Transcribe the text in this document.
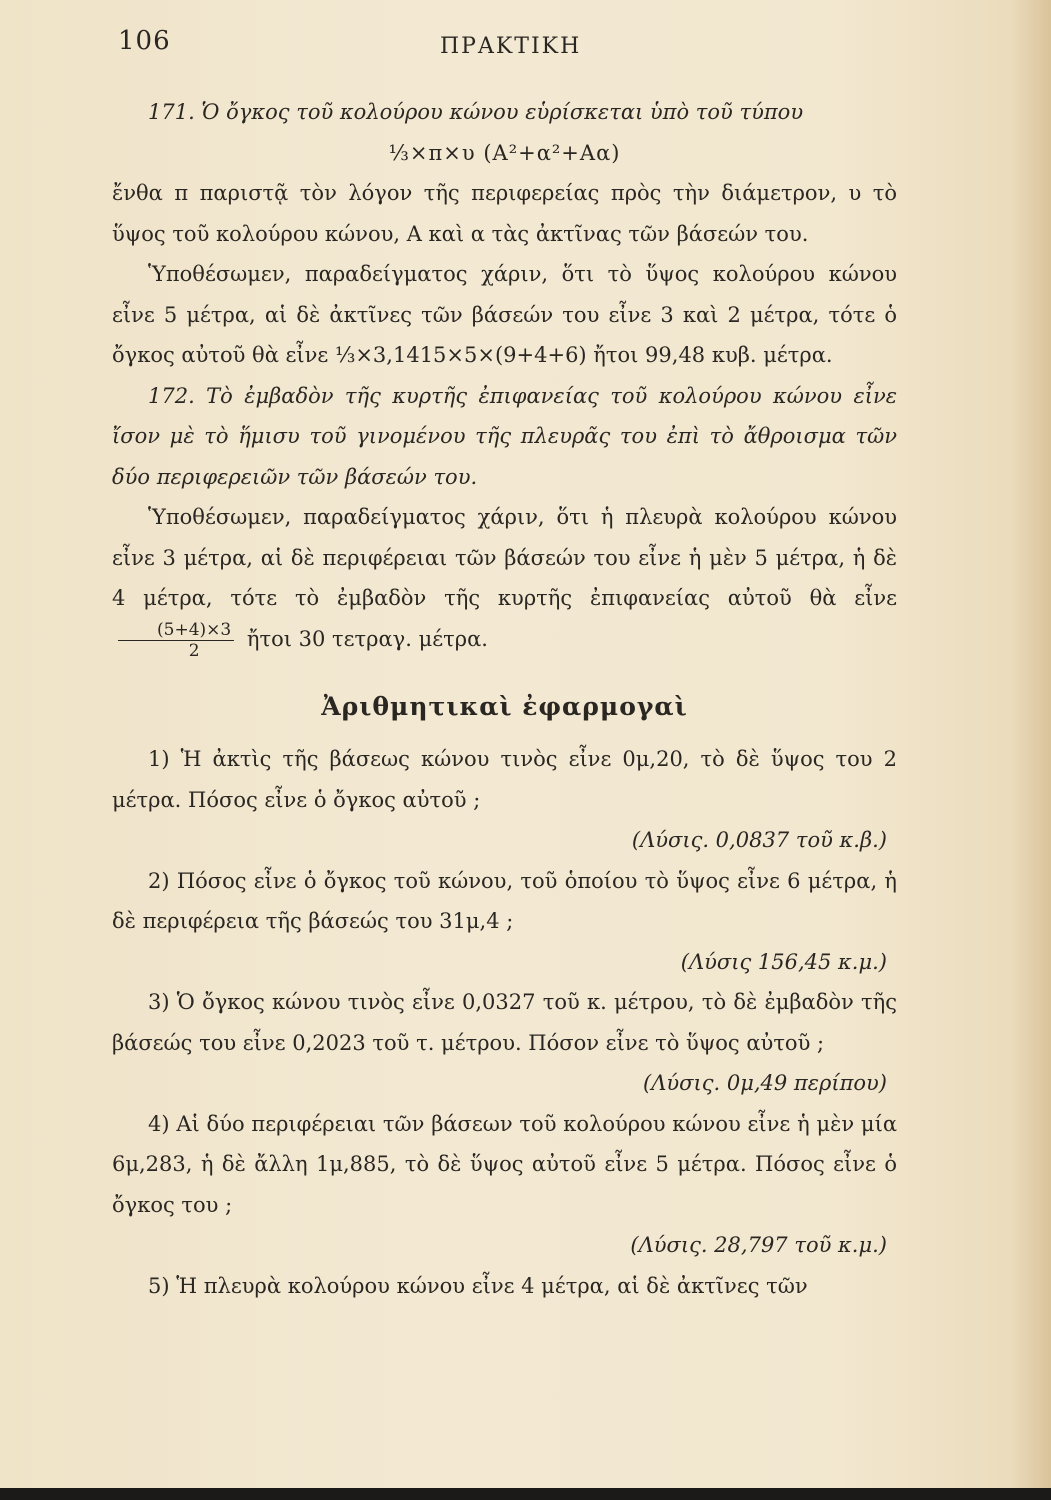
106	ΠΡΑΚΤΙΚΗ

171. Ὁ ὄγκος τοῦ κολούρου κώνου εὑρίσκεται ὑπὸ τοῦ τύπου

⅓×π×υ (Α²+α²+Αα)

ἔνθα π παριστᾷ τὸν λόγον τῆς περιφερείας πρὸς τὴν διάμετρον, υ τὸ ὕψος τοῦ κολούρου κώνου, Α καὶ α τὰς ἀκτῖνας τῶν βάσεών του.

Ὑποθέσωμεν, παραδείγματος χάριν, ὅτι τὸ ὕψος κολούρου κώνου εἶνε 5 μέτρα, αἱ δὲ ἀκτῖνες τῶν βάσεών του εἶνε 3 καὶ 2 μέτρα, τότε ὁ ὄγκος αὐτοῦ θὰ εἶνε ⅓×3,1415×5×(9+4+6) ἤτοι 99,48 κυβ. μέτρα.

172. Τὸ ἐμβαδὸν τῆς κυρτῆς ἐπιφανείας τοῦ κολούρου κώνου εἶνε ἴσον μὲ τὸ ἥμισυ τοῦ γινομένου τῆς πλευρᾶς του ἐπὶ τὸ ἄθροισμα τῶν δύο περιφερειῶν τῶν βάσεών του.

Ὑποθέσωμεν, παραδείγματος χάριν, ὅτι ἡ πλευρὰ κολούρου κώνου εἶνε 3 μέτρα, αἱ δὲ περιφέρειαι τῶν βάσεών του εἶνε ἡ μὲν 5 μέτρα, ἡ δὲ 4 μέτρα, τότε τὸ ἐμβαδὸν τῆς κυρτῆς ἐπιφανείας αὐτοῦ θὰ εἶνε
$\frac{(5+4)\times 3}{2}$ ἤτοι 30 τετραγ. μέτρα.

Ἀριθμητικαὶ ἐφαρμογαὶ

1) Ἡ ἀκτὶς τῆς βάσεως κώνου τινὸς εἶνε 0μ,20, τὸ δὲ ὕψος του 2 μέτρα. Πόσος εἶνε ὁ ὄγκος αὐτοῦ ;

(Λύσις. 0,0837 τοῦ κ.β.)

2) Πόσος εἶνε ὁ ὄγκος τοῦ κώνου, τοῦ ὁποίου τὸ ὕψος εἶνε 6 μέτρα, ἡ δὲ περιφέρεια τῆς βάσεώς του 31μ,4 ;

(Λύσις 156,45 κ.μ.)

3) Ὁ ὄγκος κώνου τινὸς εἶνε 0,0327 τοῦ κ. μέτρου, τὸ δὲ ἐμβαδὸν τῆς βάσεώς του εἶνε 0,2023 τοῦ τ. μέτρου. Πόσον εἶνε τὸ ὕψος αὐτοῦ ;

(Λύσις. 0μ,49 περίπου)

4) Αἱ δύο περιφέρειαι τῶν βάσεων τοῦ κολούρου κώνου εἶνε ἡ μὲν μία 6μ,283, ἡ δὲ ἄλλη 1μ,885, τὸ δὲ ὕψος αὐτοῦ εἶνε 5 μέτρα. Πόσος εἶνε ὁ ὄγκος του ;

(Λύσις. 28,797 τοῦ κ.μ.)

5) Ἡ πλευρὰ κολούρου κώνου εἶνε 4 μέτρα, αἱ δὲ ἀκτῖνες τῶν
